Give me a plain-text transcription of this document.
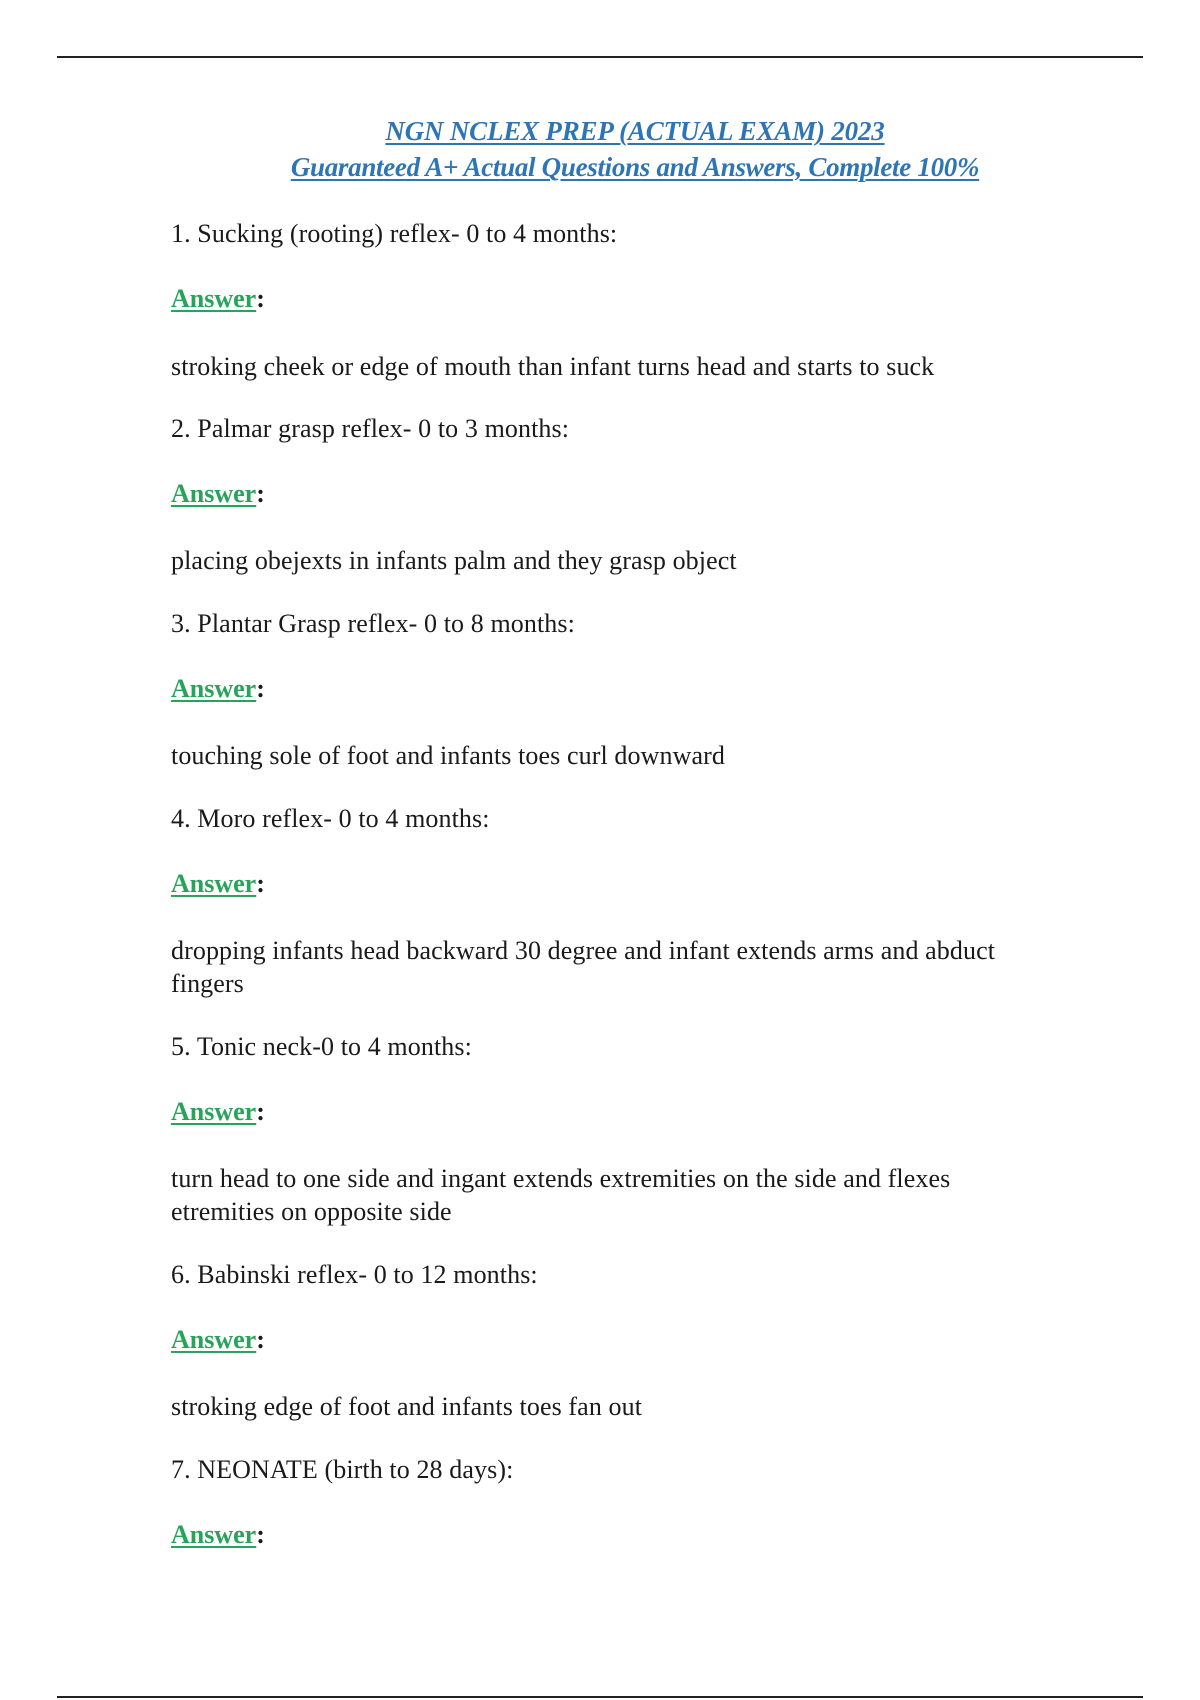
NGN NCLEX PREP (ACTUAL EXAM) 2023
Guaranteed A+ Actual Questions and Answers, Complete 100%
1. Sucking (rooting) reflex- 0 to 4 months:
Answer:
stroking cheek or edge of mouth than infant turns head and starts to suck
2. Palmar grasp reflex- 0 to 3 months:
Answer:
placing obejexts in infants palm and they grasp object
3. Plantar Grasp reflex- 0 to 8 months:
Answer:
touching sole of foot and infants toes curl downward
4. Moro reflex- 0 to 4 months:
Answer:
dropping infants head backward 30 degree and infant extends arms and abduct fingers
5. Tonic neck-0 to 4 months:
Answer:
turn head to one side and ingant extends extremities on the side and flexes etremities on opposite side
6. Babinski reflex- 0 to 12 months:
Answer:
stroking edge of foot and infants toes fan out
7. NEONATE (birth to 28 days):
Answer:
